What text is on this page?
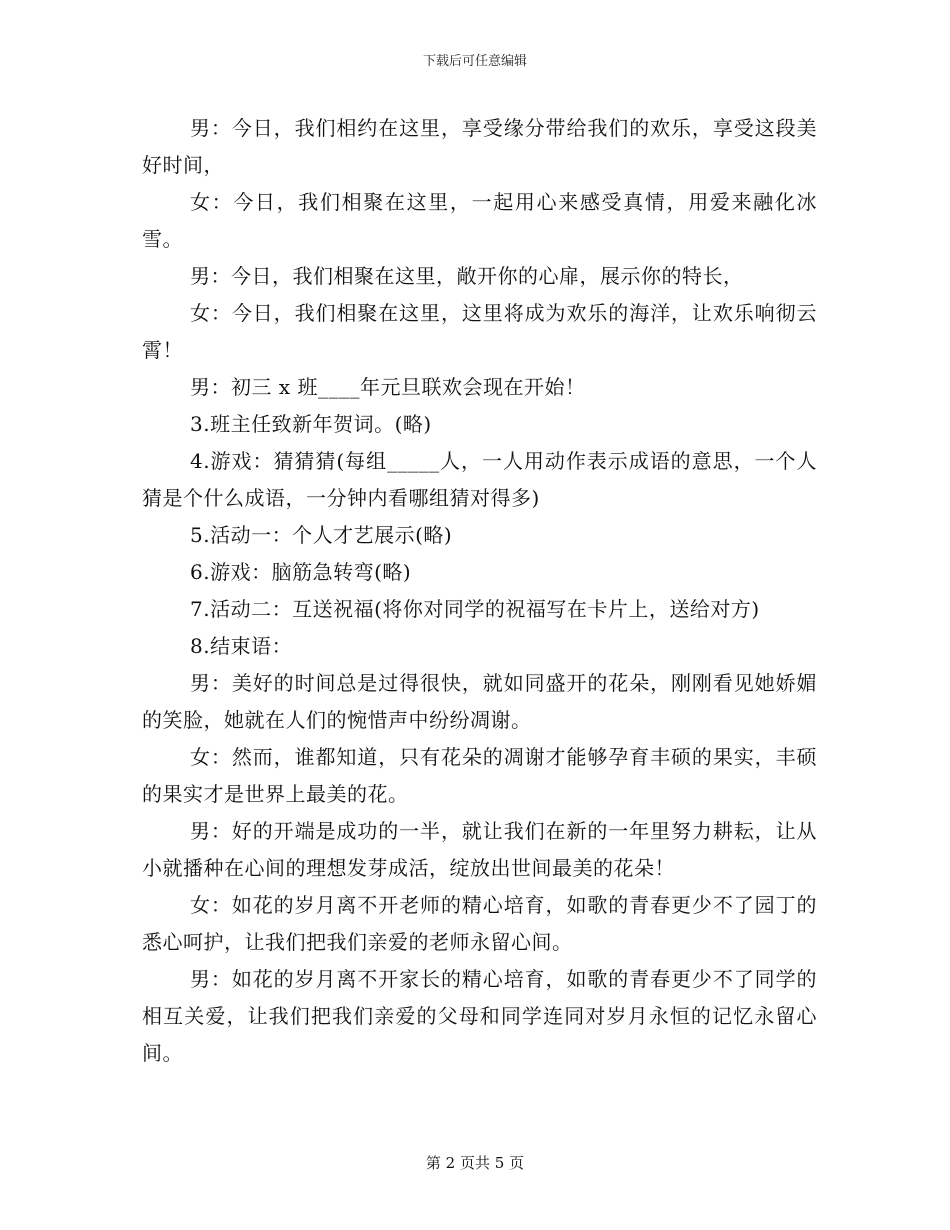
下载后可任意编辑

男：今日，我们相约在这里，享受缘分带给我们的欢乐，享受这段美好时间，

女：今日，我们相聚在这里，一起用心来感受真情，用爱来融化冰雪。

男：今日，我们相聚在这里，敞开你的心扉，展示你的特长，

女：今日，我们相聚在这里，这里将成为欢乐的海洋，让欢乐响彻云霄！

男：初三 x 班____年元旦联欢会现在开始！

3.班主任致新年贺词。(略)

4.游戏：猜猜猜(每组_____人，一人用动作表示成语的意思，一个人猜是个什么成语，一分钟内看哪组猜对得多)

5.活动一：个人才艺展示(略)

6.游戏：脑筋急转弯(略)

7.活动二：互送祝福(将你对同学的祝福写在卡片上，送给对方)

8.结束语：

男：美好的时间总是过得很快，就如同盛开的花朵，刚刚看见她娇媚的笑脸，她就在人们的惋惜声中纷纷凋谢。

女：然而，谁都知道，只有花朵的凋谢才能够孕育丰硕的果实，丰硕的果实才是世界上最美的花。

男：好的开端是成功的一半，就让我们在新的一年里努力耕耘，让从小就播种在心间的理想发芽成活，绽放出世间最美的花朵！

女：如花的岁月离不开老师的精心培育，如歌的青春更少不了园丁的悉心呵护，让我们把我们亲爱的老师永留心间。

男：如花的岁月离不开家长的精心培育，如歌的青春更少不了同学的相互关爱，让我们把我们亲爱的父母和同学连同对岁月永恒的记忆永留心间。

第 2 页共 5 页
